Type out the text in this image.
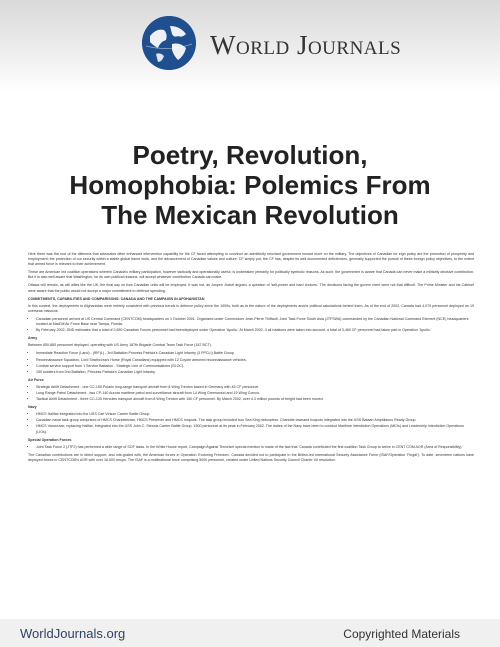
World Journals
Poetry, Revolution,
Homophobia: Polemics From
The Mexican Revolution

Here there was the root of the dilemma that advocates often enhanced intervention capability for the CF faced attempting to convince an admittedly reluctant government toward more on the military. The objectives of Canadian for eign policy are the promotion of prosperity and employment; the protection of our security within a stable global frame work, and the advancement of Canadian values and culture. CF simply put, the CF has, despite its well documented deficiencies, generally supported the pursuit of these foreign policy objectives, to the extent that armed force is relevant to their achievement.

These are American led coalition operations wherein Canada's military participation, however tactically and operationally useful, is undertaken primarily for politically symbolic reasons. As such, the government is aware that Canada can never make a militarily decisive contribution. But it is also well aware that Washington, for its own political reasons, will accept whatever contribution Canada can make.

Ottawa will remain, as will allies like the UK, the final say on how Canadian units will be employed. It was not, as Jospeh Jockel argued, a question of 'self-power and hard choices.' The decisions facing the govern ment were not that difficult. The Prime Minister and his Cabinet were aware that the public would not accept a major commitment to defence spending.

COMMITMENTS, CAPABILITIES AND COMPARISONS: CANADA AND THE CAMPAIGN IN AFGHANISTAN

In this context, the deployments to Afghanistan were entirely consistent with previous trends in defence policy since the 1990s, both as to the nature of the deployments and/or political calculations behind them. As of the end of 2002, Canada had 4,079 personnel deployed on 19 overseas missions.

• Canadian personnel arrived at US Central Command (CENTCOM) headquarters on 1 October 2001. Organized under Commodore Jean-Pierre Thiffault, Joint Task Force South Asia (JTFSWA) commanded by the Canadian National Command Element (NCE) headquarters located at MacDill Air Force Base near Tampa, Florida.
• By February 2002, DND estimates that a total of 2,650 Canadian Forces personnel had beendeployed under Operation 'Apollo.' At March 2002, 4 all rotations were taken into account, a total of 3,460 CF personnel had taken part in Operation 'Apollo.'
Army

Between 850-880 personnel deployed, operating with US Army 187th Brigade Combat Team Task Force (187 BCT).

• Immediate Reaction Force (Land) - (IRF(L) - 3rd Battalion Princess Patricia's Canadian Light Infantry (3 PPCLI) Battle Group.
• Reconnaissance Squadron, Lord Strathcona's Horse (Royal Canadians) equipped with 12 Coyote armored reconnaissance vehicles.
• Combat service support from 1 Service Battalion - Strategic Line of Communications (SLOC).
• 150 soldiers from 2nd Battalion, Princess Patricia's Canadian Light Infantry.
Air Force
• Strategic Airlift Detachment - one CC-150 Polaris long-range transport aircraft from 8 Wing Trenton based in Germany with 45 CF personnel.
• Long Range Patrol Detachment - two CP-140 Aurora maritime patrol and surveillance aircraft from 14 Wing Greenwood and 19 Wing Comox.
• Tactical Airlift Detachment - three CC-130 Hercules transport aircraft from 8 Wing Trenton with 150 CF personnel. By March 2002, over 4.3 million pounds of freight had been moved.
Navy
• HMCS Halifax integrated into the USS Carl Vinson Carrier Battle Group.
• Canadian naval task group comprised of HMCS Charlottetown, HMCS Preserver and HMCS Iroquois. The task group included four Sea King helicopters. Charlotte townand Iroquois integrated into the USS Bataan Amphibious Ready Group.
• HMCS Vancouver, replacing Halifax, integrated into the USS John C. Stennis Carrier Battle Group. 1500 personnel at its peak in February 2002. The duties of the Navy have been to conduct Maritime Interdiction Operations (MIOs) and Leadership Interdiction Operations (LIOs).
Special Operation Forces
• Joint Task Force 2 (JTF2) has performed a wide range of SOF tasks. In the White House report, Campaign Against Terrorism special mention is made of the fact that 'Canada contributed the first coalition Task Group to arrive in CENT COM AOR (Area of Responsibility).'

The Canadian contributions are in direct support, and inte-grated with, the American forces in Operation 'Enduring Freedom.' Canada decided not to participate in the British-led International Security Assistance Force (ISAF/Operation 'Fingal'). To date, seventeen nations have deployed forces to CENTCOM's AOR with over 16,500 troops. The ISAF is a multinational force comprising 5000 personnel, created under United Nations Security Council Charter VII resolution.

WorldJournals.org	Copyrighted Materials
